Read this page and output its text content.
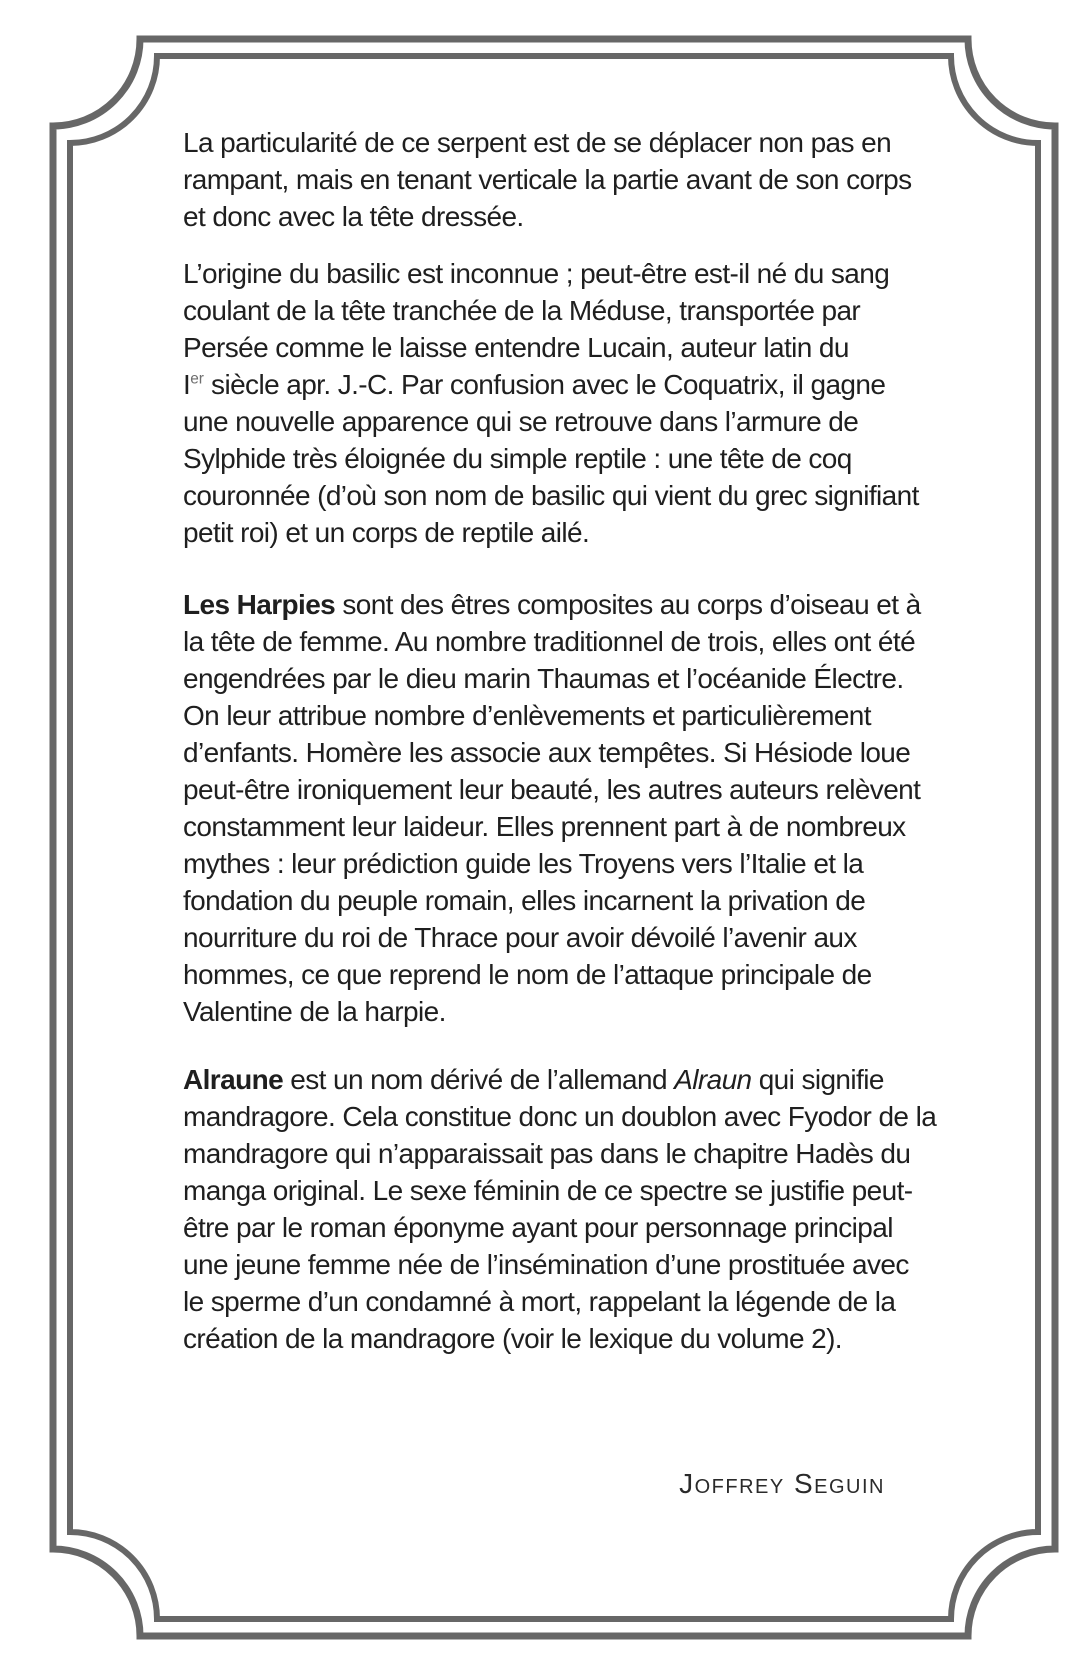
La particularité de ce serpent est de se déplacer non pas en
rampant, mais en tenant verticale la partie avant de son corps
et donc avec la tête dressée.

L’origine du basilic est inconnue ; peut-être est-il né du sang
coulant de la tête tranchée de la Méduse, transportée par
Persée comme le laisse entendre Lucain, auteur latin du
Ier siècle apr. J.-C. Par confusion avec le Coquatrix, il gagne
une nouvelle apparence qui se retrouve dans l’armure de
Sylphide très éloignée du simple reptile : une tête de coq
couronnée (d’où son nom de basilic qui vient du grec signifiant
petit roi) et un corps de reptile ailé.

Les Harpies sont des êtres composites au corps d’oiseau et à
la tête de femme. Au nombre traditionnel de trois, elles ont été
engendrées par le dieu marin Thaumas et l’océanide Électre.
On leur attribue nombre d’enlèvements et particulièrement
d’enfants. Homère les associe aux tempêtes. Si Hésiode loue
peut-être ironiquement leur beauté, les autres auteurs relèvent
constamment leur laideur. Elles prennent part à de nombreux
mythes : leur prédiction guide les Troyens vers l’Italie et la
fondation du peuple romain, elles incarnent la privation de
nourriture du roi de Thrace pour avoir dévoilé l’avenir aux
hommes, ce que reprend le nom de l’attaque principale de
Valentine de la harpie.

Alraune est un nom dérivé de l’allemand Alraun qui signifie
mandragore. Cela constitue donc un doublon avec Fyodor de la
mandragore qui n’apparaissait pas dans le chapitre Hadès du
manga original. Le sexe féminin de ce spectre se justifie peut-
être par le roman éponyme ayant pour personnage principal
une jeune femme née de l’insémination d’une prostituée avec
le sperme d’un condamné à mort, rappelant la légende de la
création de la mandragore (voir le lexique du volume 2).

Joffrey Seguin
